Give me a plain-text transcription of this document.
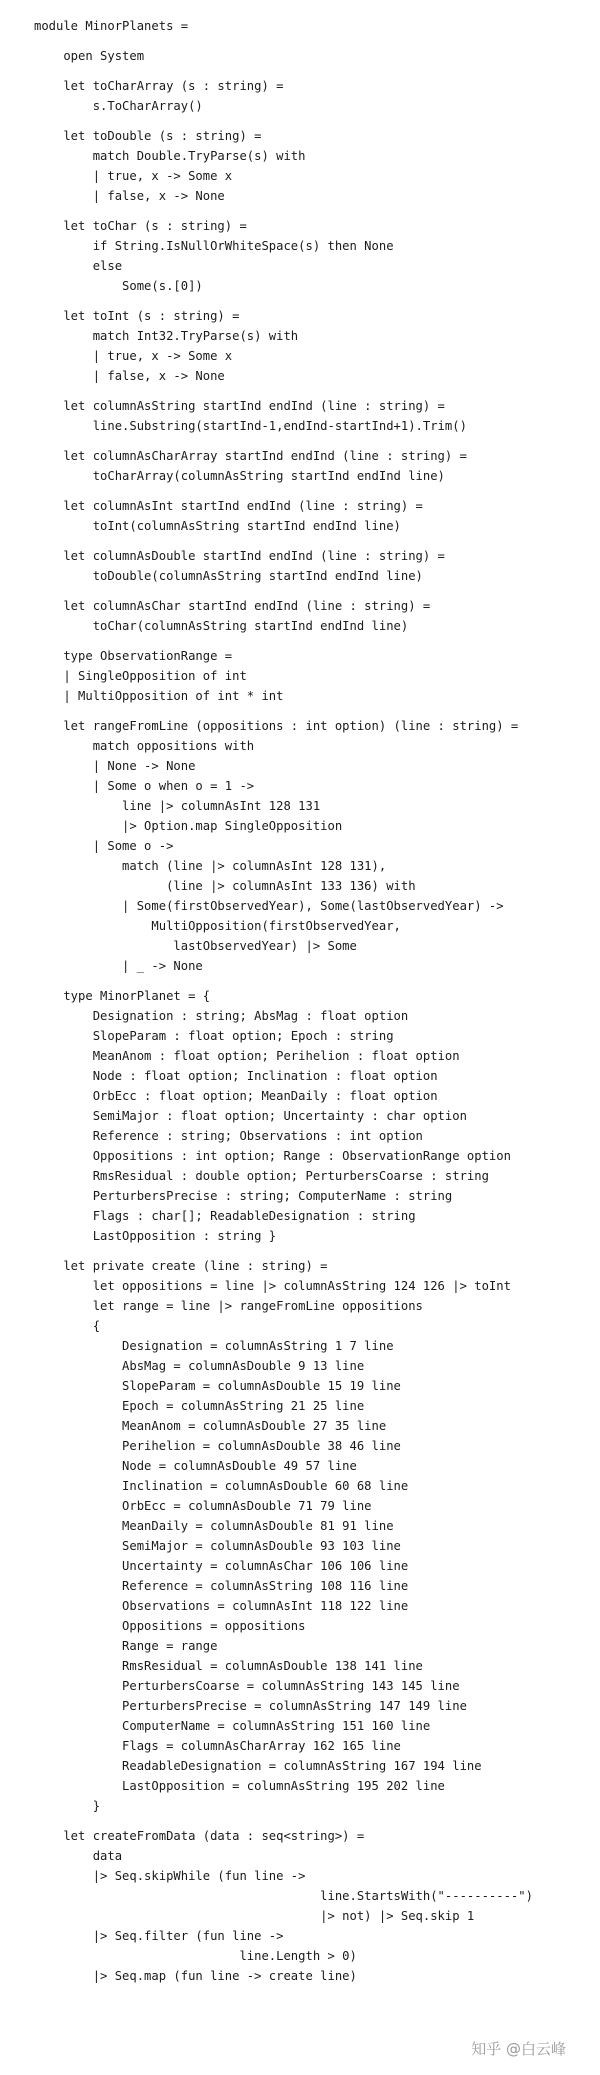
module MinorPlanets =
open System
let toCharArray (s : string) =
s.ToCharArray()
let toDouble (s : string) =
match Double.TryParse(s) with
| true, x -> Some x
| false, x -> None
let toChar (s : string) =
if String.IsNullOrWhiteSpace(s) then None
else
Some(s.[0])
let toInt (s : string) =
match Int32.TryParse(s) with
| true, x -> Some x
| false, x -> None
let columnAsString startInd endInd (line : string) =
line.Substring(startInd-1,endInd-startInd+1).Trim()
let columnAsCharArray startInd endInd (line : string) =
toCharArray(columnAsString startInd endInd line)
let columnAsInt startInd endInd (line : string) =
toInt(columnAsString startInd endInd line)
let columnAsDouble startInd endInd (line : string) =
toDouble(columnAsString startInd endInd line)
let columnAsChar startInd endInd (line : string) =
toChar(columnAsString startInd endInd line)
type ObservationRange =
| SingleOpposition of int
| MultiOpposition of int * int
let rangeFromLine (oppositions : int option) (line : string) =
match oppositions with
| None -> None
| Some o when o = 1 ->
line |> columnAsInt 128 131
|> Option.map SingleOpposition
| Some o ->
match (line |> columnAsInt 128 131),
(line |> columnAsInt 133 136) with
| Some(firstObservedYear), Some(lastObservedYear) ->
MultiOpposition(firstObservedYear,
lastObservedYear) |> Some
| _ -> None
type MinorPlanet = {
Designation : string; AbsMag : float option
SlopeParam : float option; Epoch : string
MeanAnom : float option; Perihelion : float option
Node : float option; Inclination : float option
OrbEcc : float option; MeanDaily : float option
SemiMajor : float option; Uncertainty : char option
Reference : string; Observations : int option
Oppositions : int option; Range : ObservationRange option
RmsResidual : double option; PerturbersCoarse : string
PerturbersPrecise : string; ComputerName : string
Flags : char[]; ReadableDesignation : string
LastOpposition : string }
let private create (line : string) =
let oppositions = line |> columnAsString 124 126 |> toInt
let range = line |> rangeFromLine oppositions
{
Designation = columnAsString 1 7 line
AbsMag = columnAsDouble 9 13 line
SlopeParam = columnAsDouble 15 19 line
Epoch = columnAsString 21 25 line
MeanAnom = columnAsDouble 27 35 line
Perihelion = columnAsDouble 38 46 line
Node = columnAsDouble 49 57 line
Inclination = columnAsDouble 60 68 line
OrbEcc = columnAsDouble 71 79 line
MeanDaily = columnAsDouble 81 91 line
SemiMajor = columnAsDouble 93 103 line
Uncertainty = columnAsChar 106 106 line
Reference = columnAsString 108 116 line
Observations = columnAsInt 118 122 line
Oppositions = oppositions
Range = range
RmsResidual = columnAsDouble 138 141 line
PerturbersCoarse = columnAsString 143 145 line
PerturbersPrecise = columnAsString 147 149 line
ComputerName = columnAsString 151 160 line
Flags = columnAsCharArray 162 165 line
ReadableDesignation = columnAsString 167 194 line
LastOpposition = columnAsString 195 202 line
}
let createFromData (data : seq<string>) =
data
|> Seq.skipWhile (fun line ->
line.StartsWith("----------")
|> not) |> Seq.skip 1
|> Seq.filter (fun line ->
line.Length > 0)
|> Seq.map (fun line -> create line)
知乎 @白云峰
